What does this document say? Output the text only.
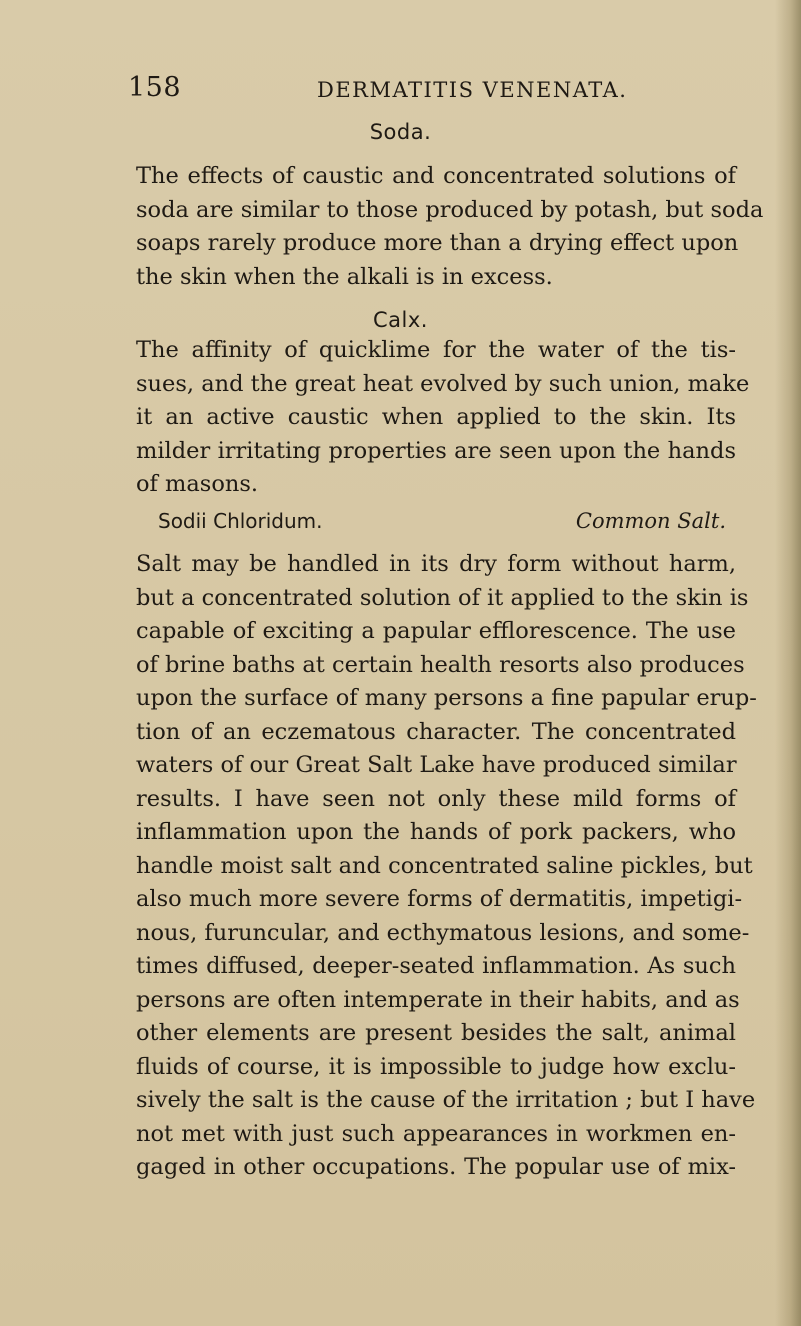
158	DERMATITIS VENENATA.
Soda.

The effects of caustic and concentrated solutions of
soda are similar to those produced by potash, but soda
soaps rarely produce more than a drying effect upon
the skin when the alkali is in excess.

Calx.

The affinity of quicklime for the water of the tis-
sues, and the great heat evolved by such union, make
it an active caustic when applied to the skin. Its
milder irritating properties are seen upon the hands
of masons.

Sodii Chloridum.	Common Salt.

Salt may be handled in its dry form without harm,
but a concentrated solution of it applied to the skin is
capable of exciting a papular efflorescence. The use
of brine baths at certain health resorts also produces
upon the surface of many persons a fine papular erup-
tion of an eczematous character. The concentrated
waters of our Great Salt Lake have produced similar
results. I have seen not only these mild forms of
inflammation upon the hands of pork packers, who
handle moist salt and concentrated saline pickles, but
also much more severe forms of dermatitis, impetigi-
nous, furuncular, and ecthymatous lesions, and some-
times diffused, deeper-seated inflammation. As such
persons are often intemperate in their habits, and as
other elements are present besides the salt, animal
fluids of course, it is impossible to judge how exclu-
sively the salt is the cause of the irritation ; but I have
not met with just such appearances in workmen en-
gaged in other occupations. The popular use of mix-
